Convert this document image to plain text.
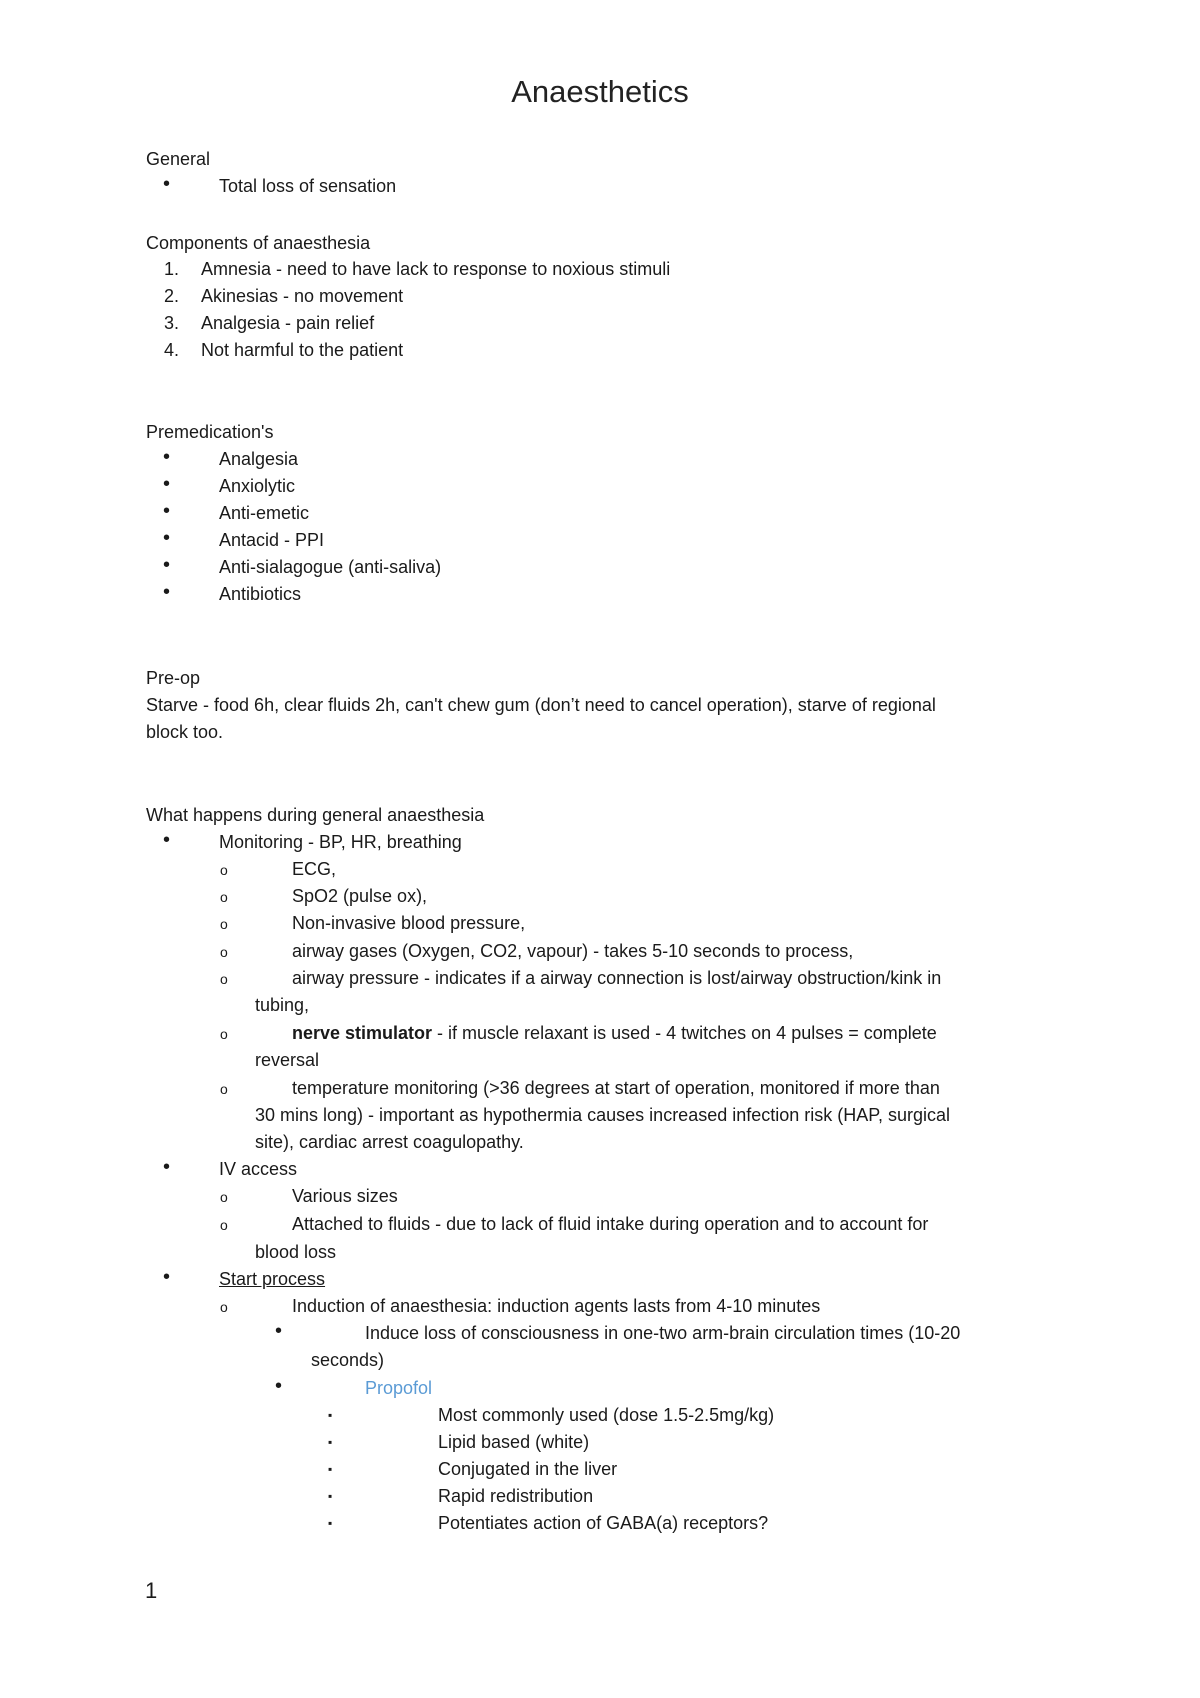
Anaesthetics
General
•	Total loss of sensation
Components of anaesthesia
1. Amnesia - need to have lack to response to noxious stimuli
2. Akinesias - no movement
3. Analgesia - pain relief
4. Not harmful to the patient
Premedication's
•	Analgesia
•	Anxiolytic
•	Anti-emetic
•	Antacid - PPI
•	Anti-sialagogue (anti-saliva)
•	Antibiotics
Pre-op
Starve - food 6h, clear fluids 2h, can't chew gum (don’t need to cancel operation), starve of regional
block too.
What happens during general anaesthesia
•	Monitoring - BP, HR, breathing
o	ECG,
o	SpO2 (pulse ox),
o	Non-invasive blood pressure,
o	airway gases (Oxygen, CO2, vapour) - takes 5-10 seconds to process,
o	airway pressure - indicates if a airway connection is lost/airway obstruction/kink in
tubing,
o	nerve stimulator - if muscle relaxant is used - 4 twitches on 4 pulses = complete
reversal
o	temperature monitoring (>36 degrees at start of operation, monitored if more than
30 mins long) - important as hypothermia causes increased infection risk (HAP, surgical
site), cardiac arrest coagulopathy.
•	IV access
o	Various sizes
o	Attached to fluids - due to lack of fluid intake during operation and to account for
blood loss
•	Start process
o	Induction of anaesthesia: induction agents lasts from 4-10 minutes
•	Induce loss of consciousness in one-two arm-brain circulation times (10-20
seconds)
•	Propofol
▪	Most commonly used (dose 1.5-2.5mg/kg)
▪	Lipid based (white)
▪	Conjugated in the liver
▪	Rapid redistribution
▪	Potentiates action of GABA(a) receptors?
1
